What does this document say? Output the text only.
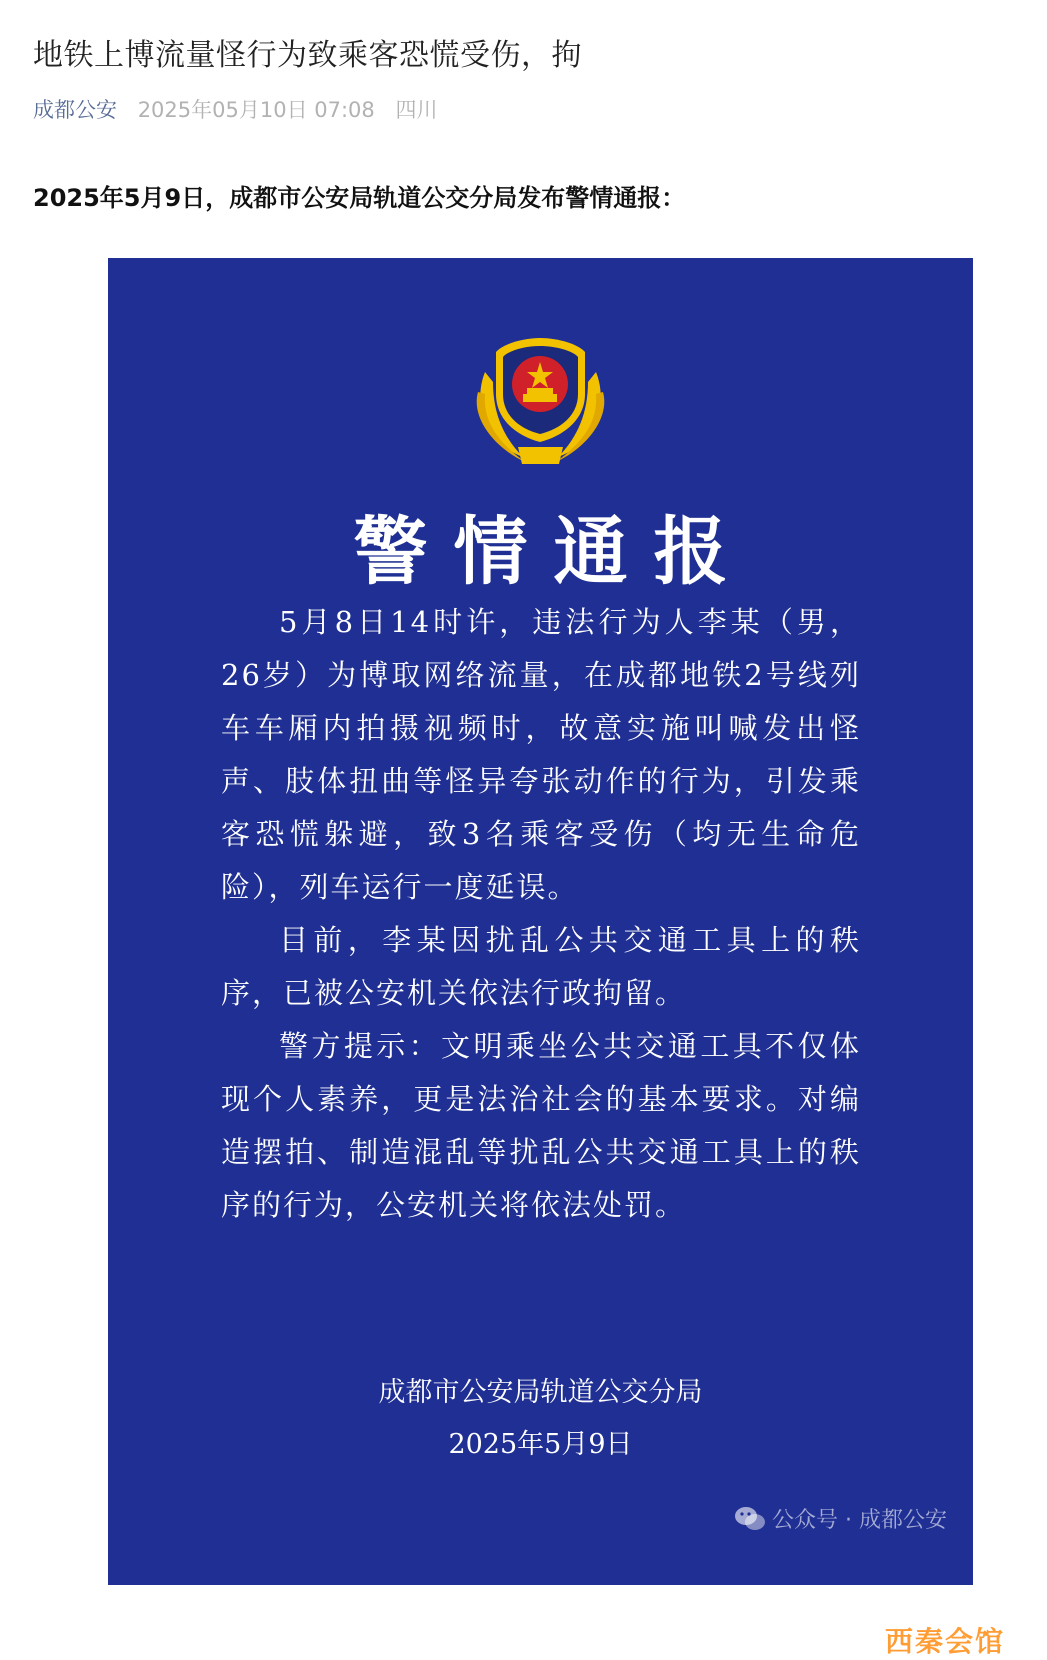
地铁上博流量怪行为致乘客恐慌受伤，拘
成都公安 2025年05月10日 07:08 四川
2025年5月9日，成都市公安局轨道公交分局发布警情通报：
警情通报

5月8日14时许，违法行为人李某（男，26岁）为博取网络流量，在成都地铁2号线列车车厢内拍摄视频时，故意实施叫喊发出怪声、肢体扭曲等怪异夸张动作的行为，引发乘客恐慌躲避，致3名乘客受伤（均无生命危险），列车运行一度延误。

目前，李某因扰乱公共交通工具上的秩序，已被公安机关依法行政拘留。

警方提示：文明乘坐公共交通工具不仅体现个人素养，更是法治社会的基本要求。对编造摆拍、制造混乱等扰乱公共交通工具上的秩序的行为，公安机关将依法处罚。

成都市公安局轨道公交分局
2025年5月9日
公众号 · 成都公安
西秦会馆
